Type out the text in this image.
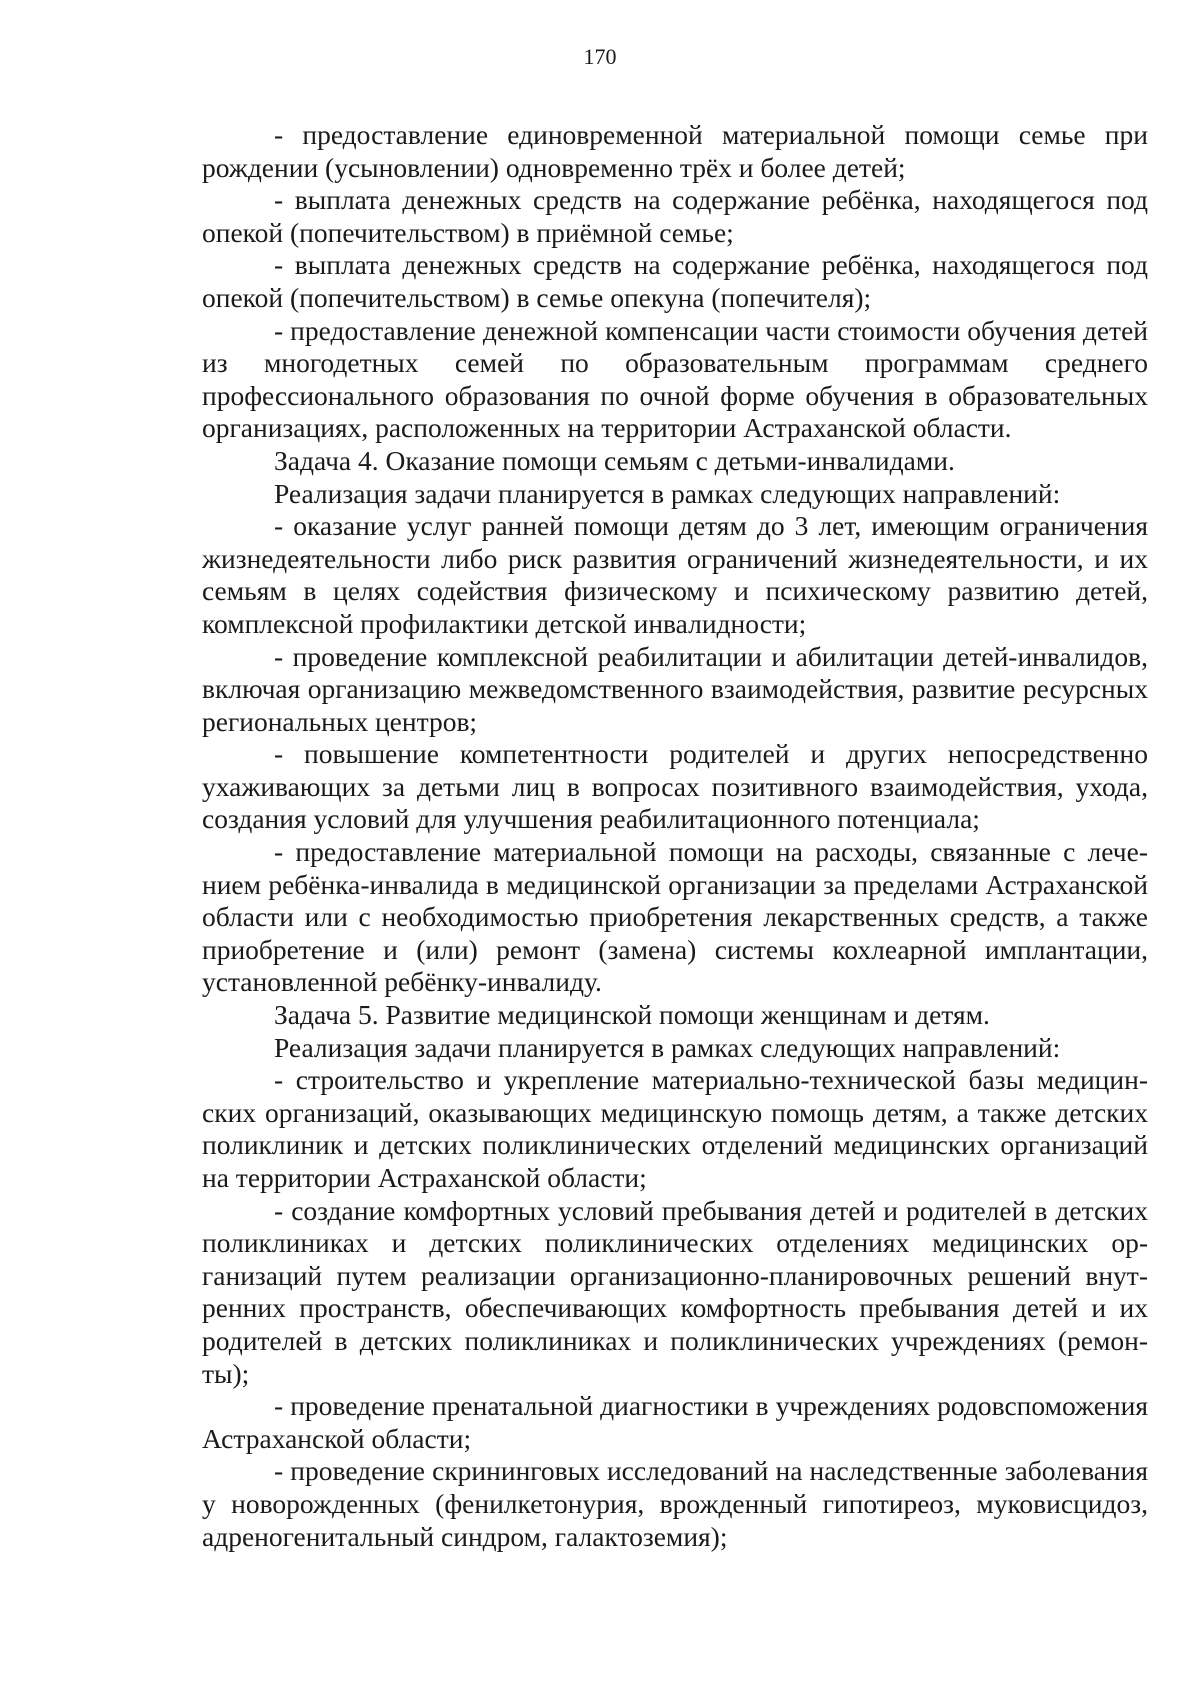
170

- предоставление единовременной материальной помощи семье при рождении (усыновлении) одновременно трёх и более детей;

- выплата денежных средств на содержание ребёнка, находящегося под опекой (попечительством) в приёмной семье;

- выплата денежных средств на содержание ребёнка, находящегося под опекой (попечительством) в семье опекуна (попечителя);

- предоставление денежной компенсации части стоимости обучения детей из многодетных семей по образовательным программам среднего профессионального образования по очной форме обучения в образовательных организациях, расположенных на территории Астраханской области.

Задача 4. Оказание помощи семьям с детьми-инвалидами.

Реализация задачи планируется в рамках следующих направлений:

- оказание услуг ранней помощи детям до 3 лет, имеющим ограничения жизнедеятельности либо риск развития ограничений жизнедеятельности, и их семьям в целях содействия физическому и психическому развитию детей, комплексной профилактики детской инвалидности;

- проведение комплексной реабилитации и абилитации детей-инвалидов, включая организацию межведомственного взаимодействия, развитие ресурсных региональных центров;

- повышение компетентности родителей и других непосредственно ухаживающих за детьми лиц в вопросах позитивного взаимодействия, ухода, создания условий для улучшения реабилитационного потенциала;

- предоставление материальной помощи на расходы, связанные с лечением ребёнка-инвалида в медицинской организации за пределами Астраханской области или с необходимостью приобретения лекарственных средств, а также приобретение и (или) ремонт (замена) системы кохлеарной имплантации, установленной ребёнку-инвалиду.

Задача 5. Развитие медицинской помощи женщинам и детям.

Реализация задачи планируется в рамках следующих направлений:

- строительство и укрепление материально-технической базы медицинских организаций, оказывающих медицинскую помощь детям, а также детских поликлиник и детских поликлинических отделений медицинских организаций на территории Астраханской области;

- создание комфортных условий пребывания детей и родителей в детских поликлиниках и детских поликлинических отделениях медицинских организаций путем реализации организационно-планировочных решений внутренних пространств, обеспечивающих комфортность пребывания детей и их родителей в детских поликлиниках и поликлинических учреждениях (ремонты);

- проведение пренатальной диагностики в учреждениях родовспоможения Астраханской области;

- проведение скрининговых исследований на наследственные заболевания у новорожденных (фенилкетонурия, врожденный гипотиреоз, муковисцидоз, адреногенитальный синдром, галактоземия);
